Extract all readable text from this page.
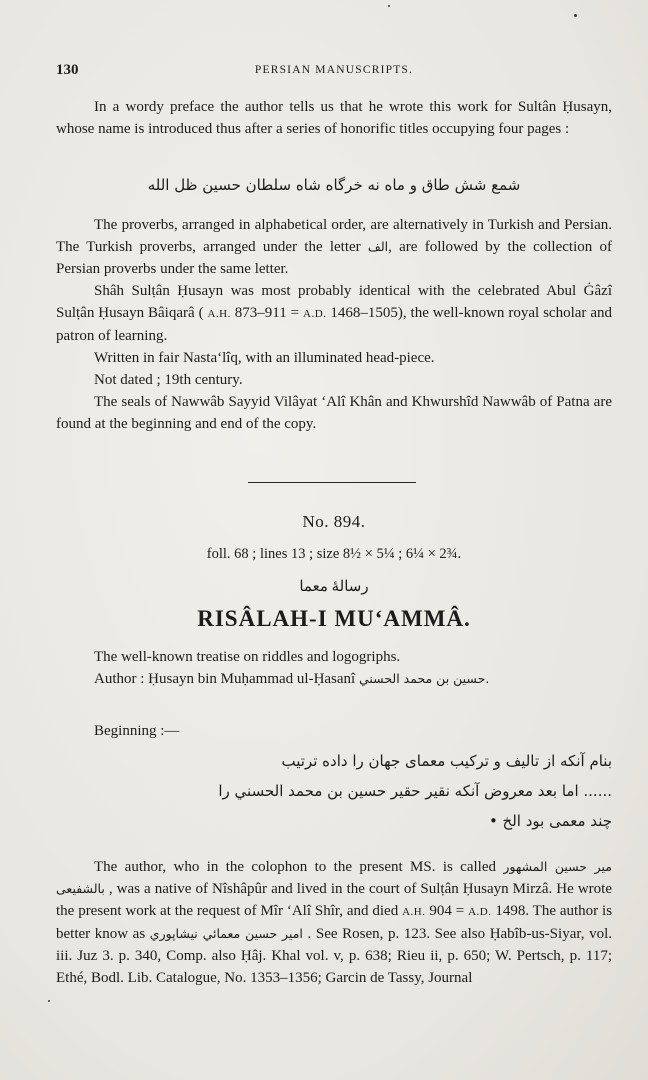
130	PERSIAN MANUSCRIPTS.

In a wordy preface the author tells us that he wrote this work for Sultân Ḥusayn, whose name is introduced thus after a series of honorific titles occupying four pages :

شمع شش طاق و ماه نه خرگاه شاه سلطان حسین ظل الله

The proverbs, arranged in alphabetical order, are alternatively in Turkish and Persian. The Turkish proverbs, arranged under the letter الف, are followed by the collection of Persian proverbs under the same letter.

Shâh Sulṭân Ḥusayn was most probably identical with the celebrated Abul Ġâzî Sulṭân Ḥusayn Bâiqarâ ( A.H. 873–911 = A.D. 1468–1505), the well-known royal scholar and patron of learning.

Written in fair Nasta‘lîq, with an illuminated head-piece.

Not dated ; 19th century.

The seals of Nawwâb Sayyid Vilâyat ‘Alî Khân and Khwurshîd Nawwâb of Patna are found at the beginning and end of the copy.

No. 894.
foll. 68 ; lines 13 ; size 8½ × 5¼ ; 6¼ × 2¾.
رسالهٔ معما
RISÂLAH-I MU‘AMMÂ.

The well-known treatise on riddles and logogriphs.

Author : Ḥusayn bin Muḥammad ul-Ḥasanî حسین بن محمد الحسني.

Beginning :—

بنام آنکه از تالیف و ترکیب معمای جهان را داده ترتیب
...... اما بعد معروض آنکه نقیر حقیر حسین بن محمد الحسني را
چند معمی بود الخ •

The author, who in the colophon to the present MS. is called میر حسین المشهور بالشفیعی , was a native of Nîshâpûr and lived in the court of Sulṭân Ḥusayn Mirzâ. He wrote the present work at the request of Mîr ‘Alî Shîr, and died A.H. 904 = A.D. 1498. The author is better know as امیر حسین معمائي نیشاپوري . See Rosen, p. 123. See also Ḥabîb-us-Siyar, vol. iii. Juz 3. p. 340, Comp. also Ḥâj. Khal vol. v, p. 638; Rieu ii, p. 650; W. Pertsch, p. 117; Ethé, Bodl. Lib. Catalogue, No. 1353–1356; Garcin de Tassy, Journal
